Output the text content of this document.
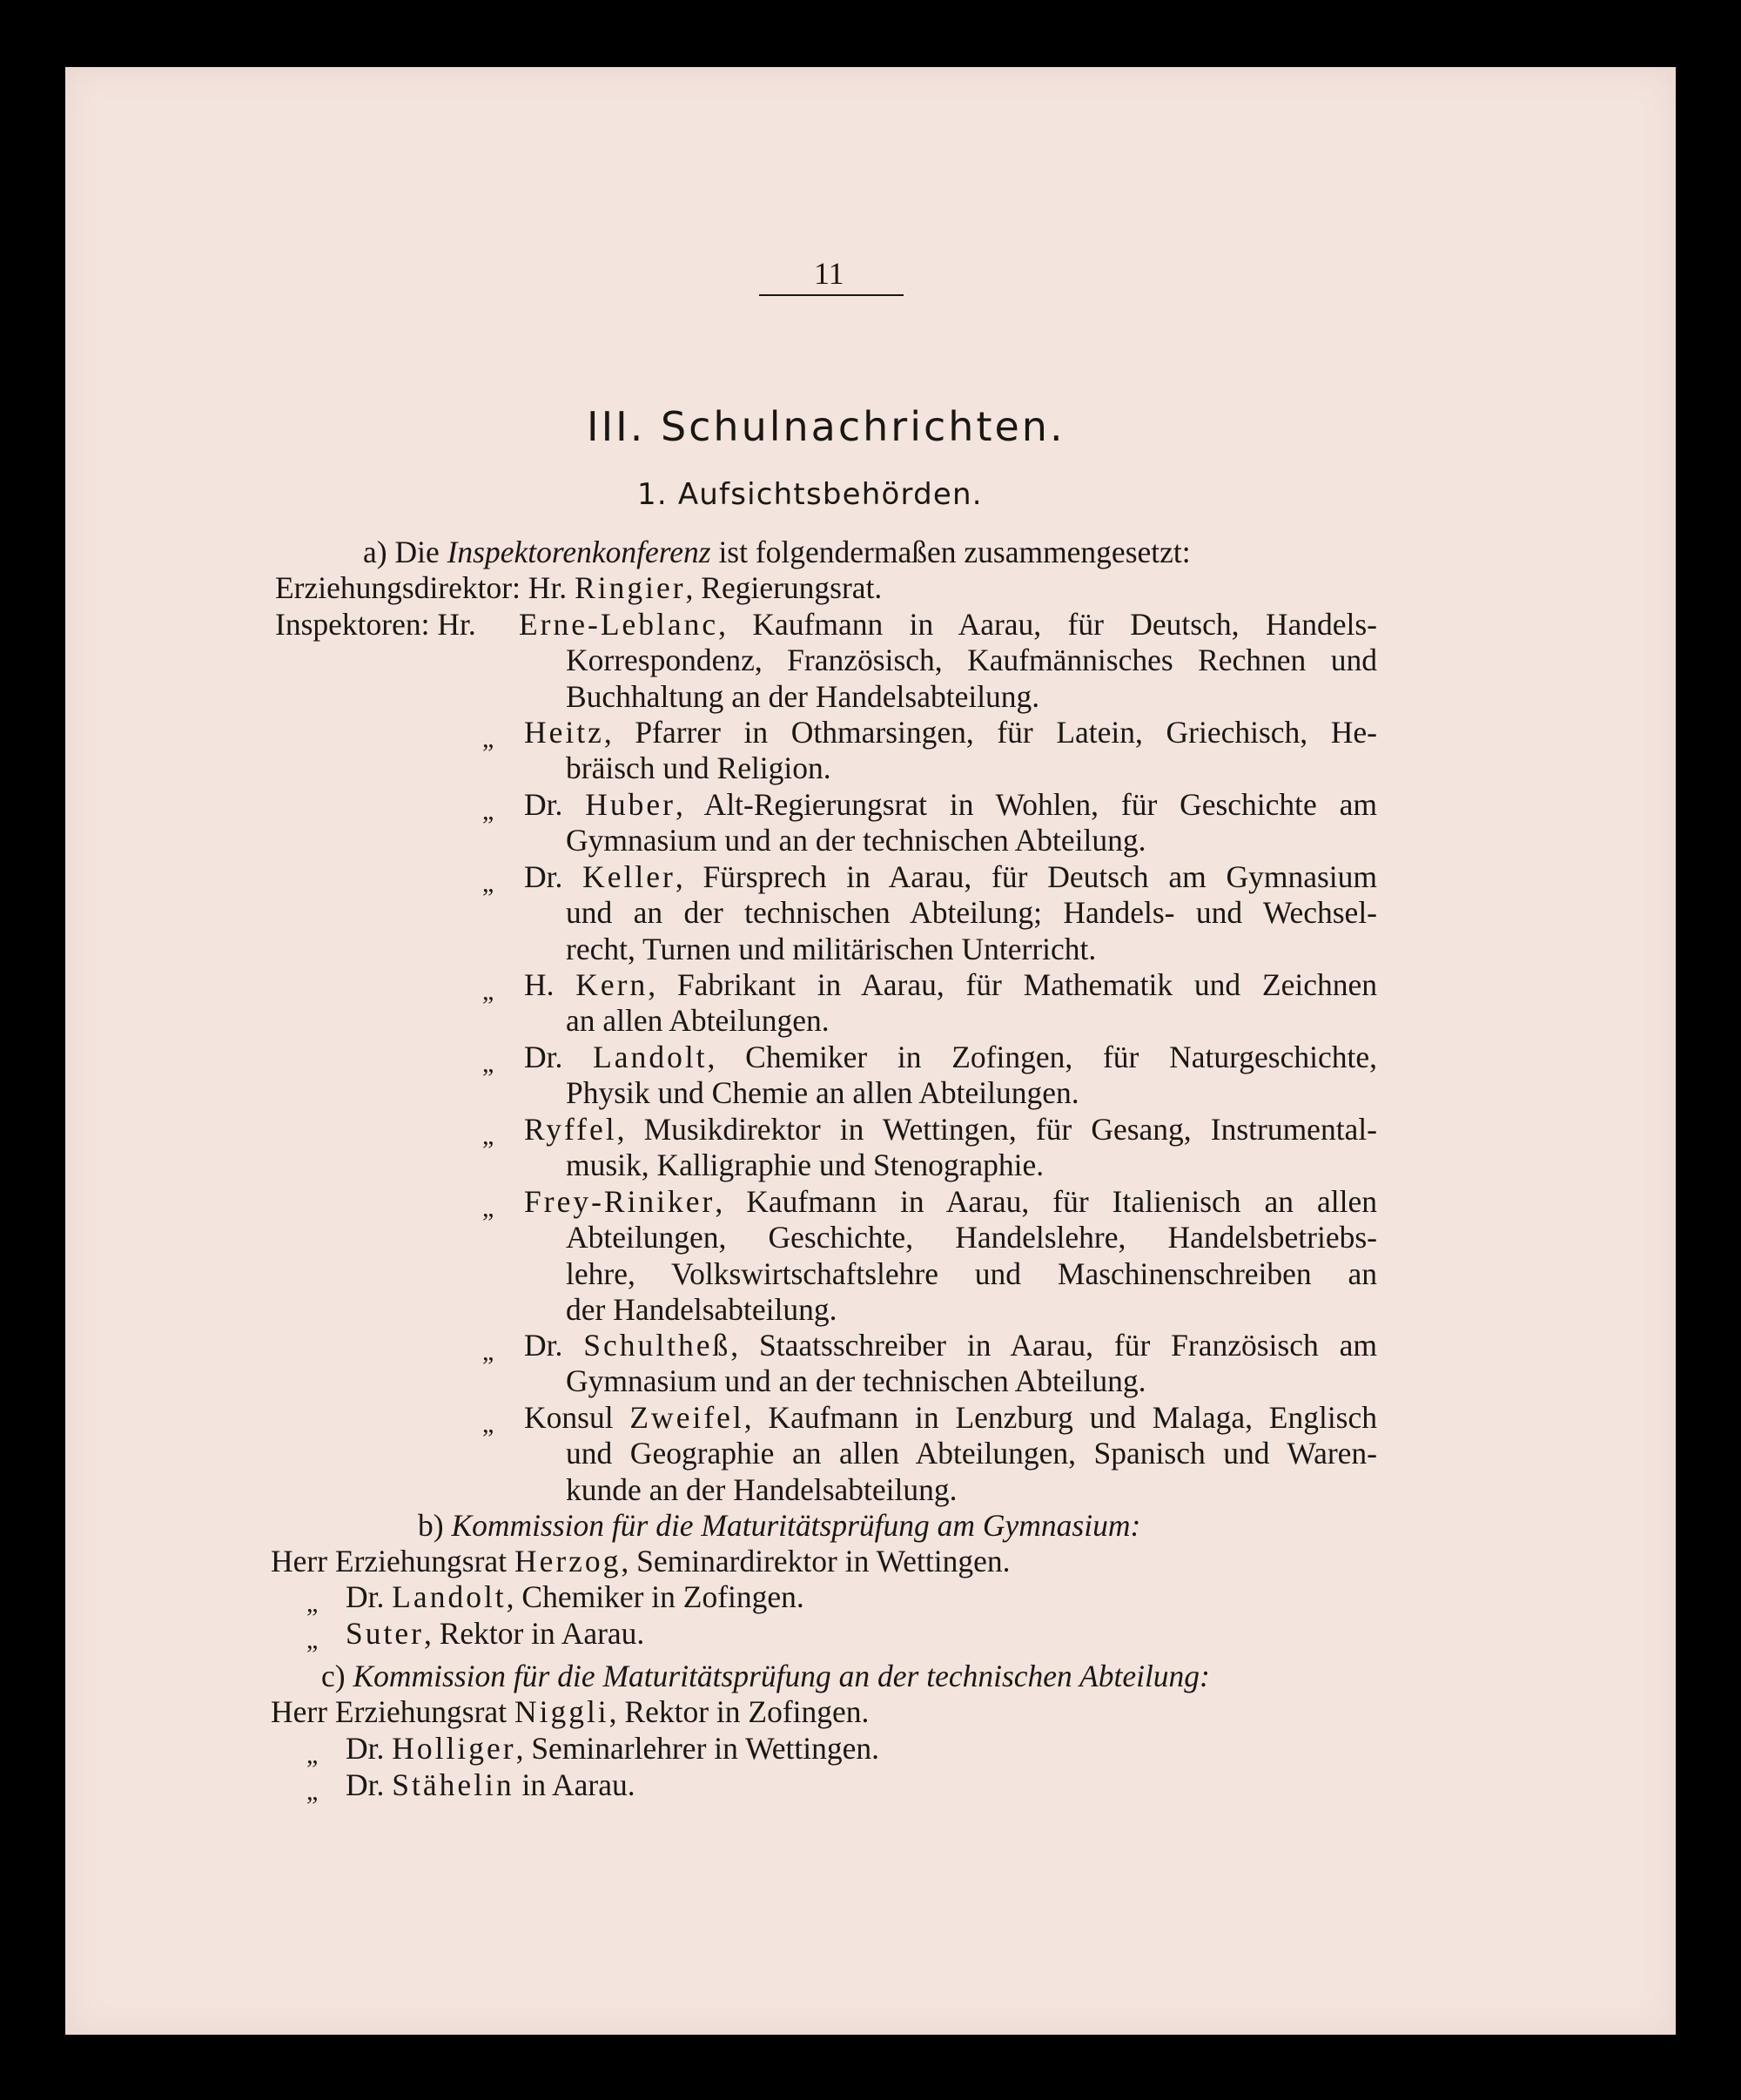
11
III. Schulnachrichten.
1. Aufsichtsbehörden.
a) Die Inspektorenkonferenz ist folgendermaßen zusammengesetzt:
Erziehungsdirektor: Hr. Ringier, Regierungsrat.
Inspektoren: Hr. Erne-Leblanc, Kaufmann in Aarau, für Deutsch, Handels-
Korrespondenz, Französisch, Kaufmännisches Rechnen und
Buchhaltung an der Handelsabteilung.
„ Heitz, Pfarrer in Othmarsingen, für Latein, Griechisch, He-
bräisch und Religion.
„ Dr. Huber, Alt-Regierungsrat in Wohlen, für Geschichte am
Gymnasium und an der technischen Abteilung.
„ Dr. Keller, Fürsprech in Aarau, für Deutsch am Gymnasium
und an der technischen Abteilung; Handels- und Wechsel-
recht, Turnen und militärischen Unterricht.
„ H. Kern, Fabrikant in Aarau, für Mathematik und Zeichnen
an allen Abteilungen.
„ Dr. Landolt, Chemiker in Zofingen, für Naturgeschichte,
Physik und Chemie an allen Abteilungen.
„ Ryffel, Musikdirektor in Wettingen, für Gesang, Instrumental-
musik, Kalligraphie und Stenographie.
„ Frey-Riniker, Kaufmann in Aarau, für Italienisch an allen
Abteilungen, Geschichte, Handelslehre, Handelsbetriebs-
lehre, Volkswirtschaftslehre und Maschinenschreiben an
der Handelsabteilung.
„ Dr. Schultheß, Staatsschreiber in Aarau, für Französisch am
Gymnasium und an der technischen Abteilung.
„ Konsul Zweifel, Kaufmann in Lenzburg und Malaga, Englisch
und Geographie an allen Abteilungen, Spanisch und Waren-
kunde an der Handelsabteilung.
b) Kommission für die Maturitätsprüfung am Gymnasium:
Herr Erziehungsrat Herzog, Seminardirektor in Wettingen.
„ Dr. Landolt, Chemiker in Zofingen.
„ Suter, Rektor in Aarau.
c) Kommission für die Maturitätsprüfung an der technischen Abteilung:
Herr Erziehungsrat Niggli, Rektor in Zofingen.
„ Dr. Holliger, Seminarlehrer in Wettingen.
„ Dr. Stähelin in Aarau.
